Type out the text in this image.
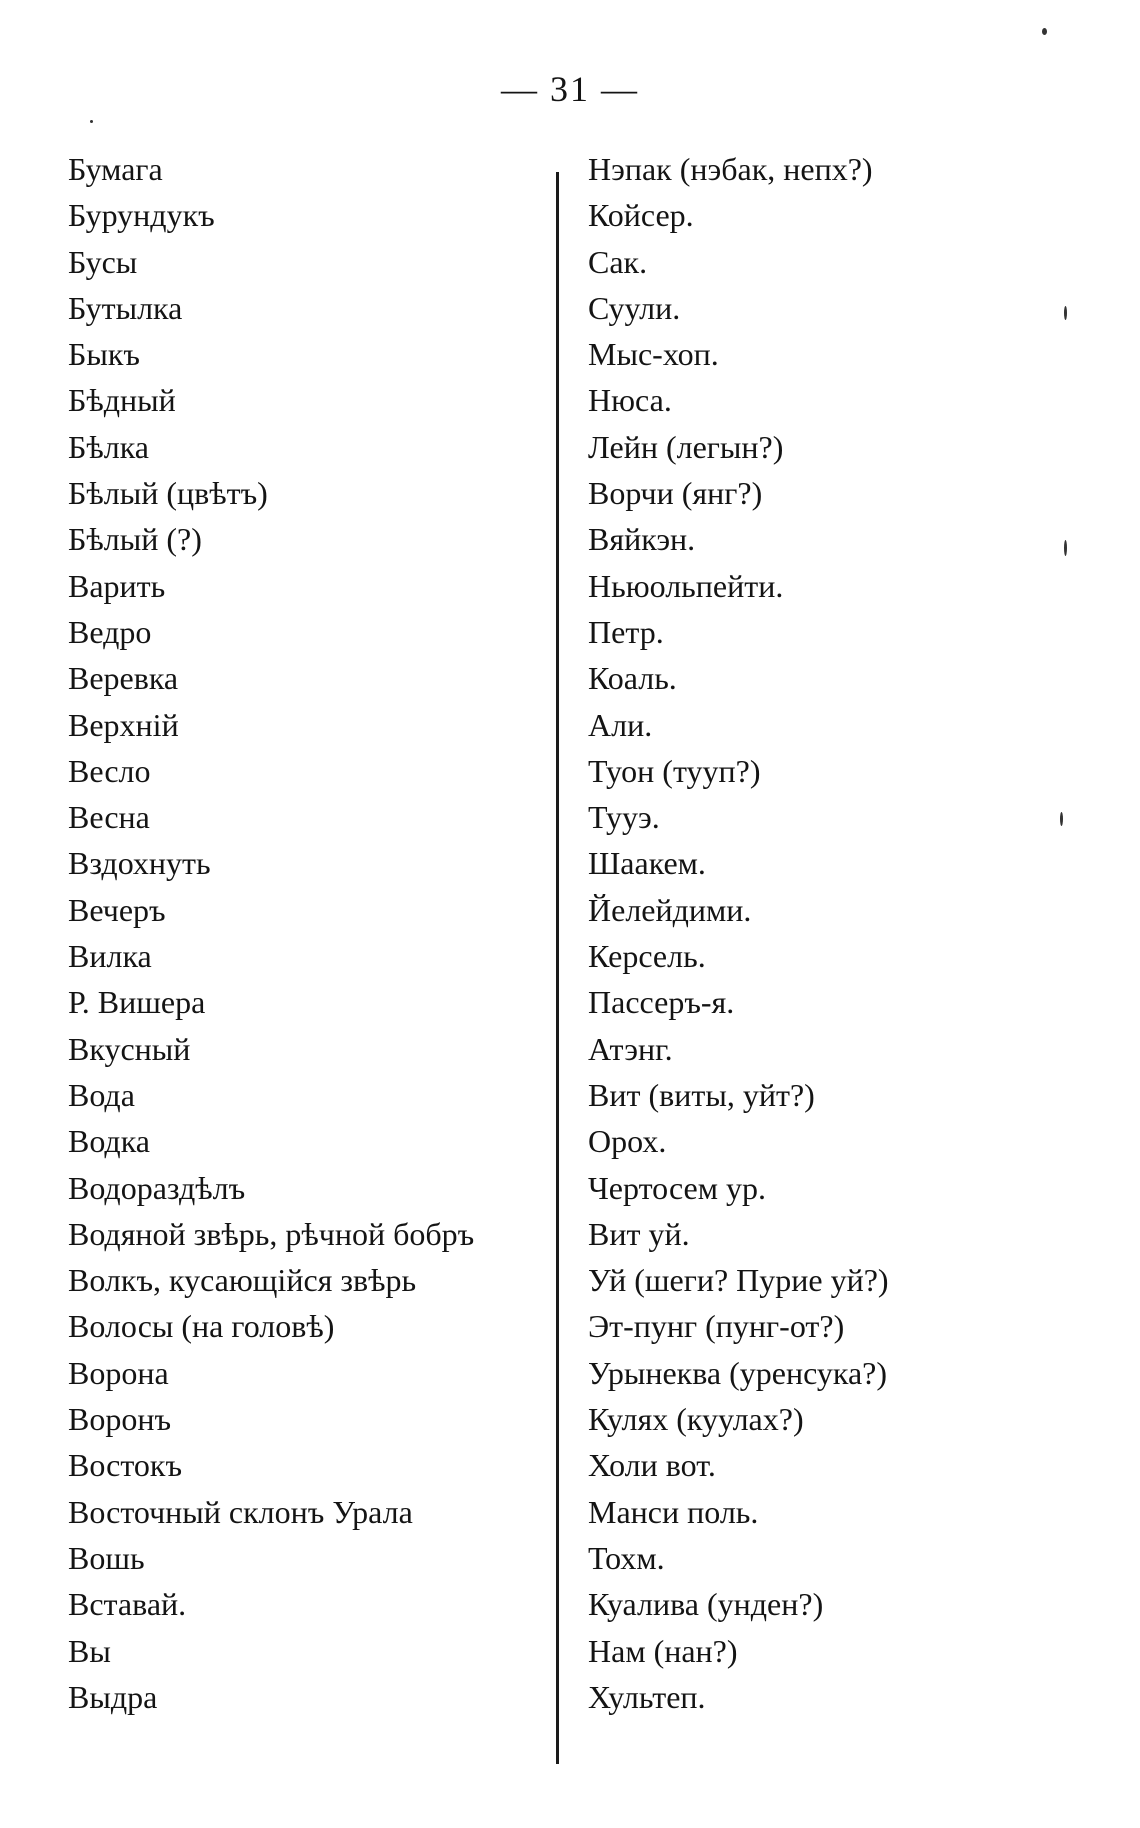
— 31 —
Бумага
Бурундукъ
Бусы
Бутылка
Быкъ
Бѣдный
Бѣлка
Бѣлый (цвѣтъ)
Бѣлый (?)
Варить
Ведро
Веревка
Верхній
Весло
Весна
Вздохнуть
Вечеръ
Вилка
Р. Вишера
Вкусный
Вода
Водка
Водораздѣлъ
Водяной звѣрь, рѣчной бобръ
Волкъ, кусающійся звѣрь
Волосы (на головѣ)
Ворона
Воронъ
Востокъ
Восточный склонъ Урала
Вошь
Вставай.
Вы
Выдра
Нэпак (нэбак, непх?)
Койсер.
Сак.
Суули.
Мыс-хоп.
Нюса.
Лейн (легын?)
Ворчи (янг?)
Вяйкэн.
Ньюольпейти.
Петр.
Коаль.
Али.
Туон (тууп?)
Тууэ.
Шаакем.
Йелейдими.
Керсель.
Пассеръ-я.
Атэнг.
Вит (виты, уйт?)
Орох.
Чертосем ур.
Вит уй.
Уй (шеги? Пурие уй?)
Эт-пунг (пунг-от?)
Урынеква (уренсука?)
Кулях (куулах?)
Холи вот.
Манси поль.
Тохм.
Куалива (унден?)
Нам (нан?)
Хультеп.
